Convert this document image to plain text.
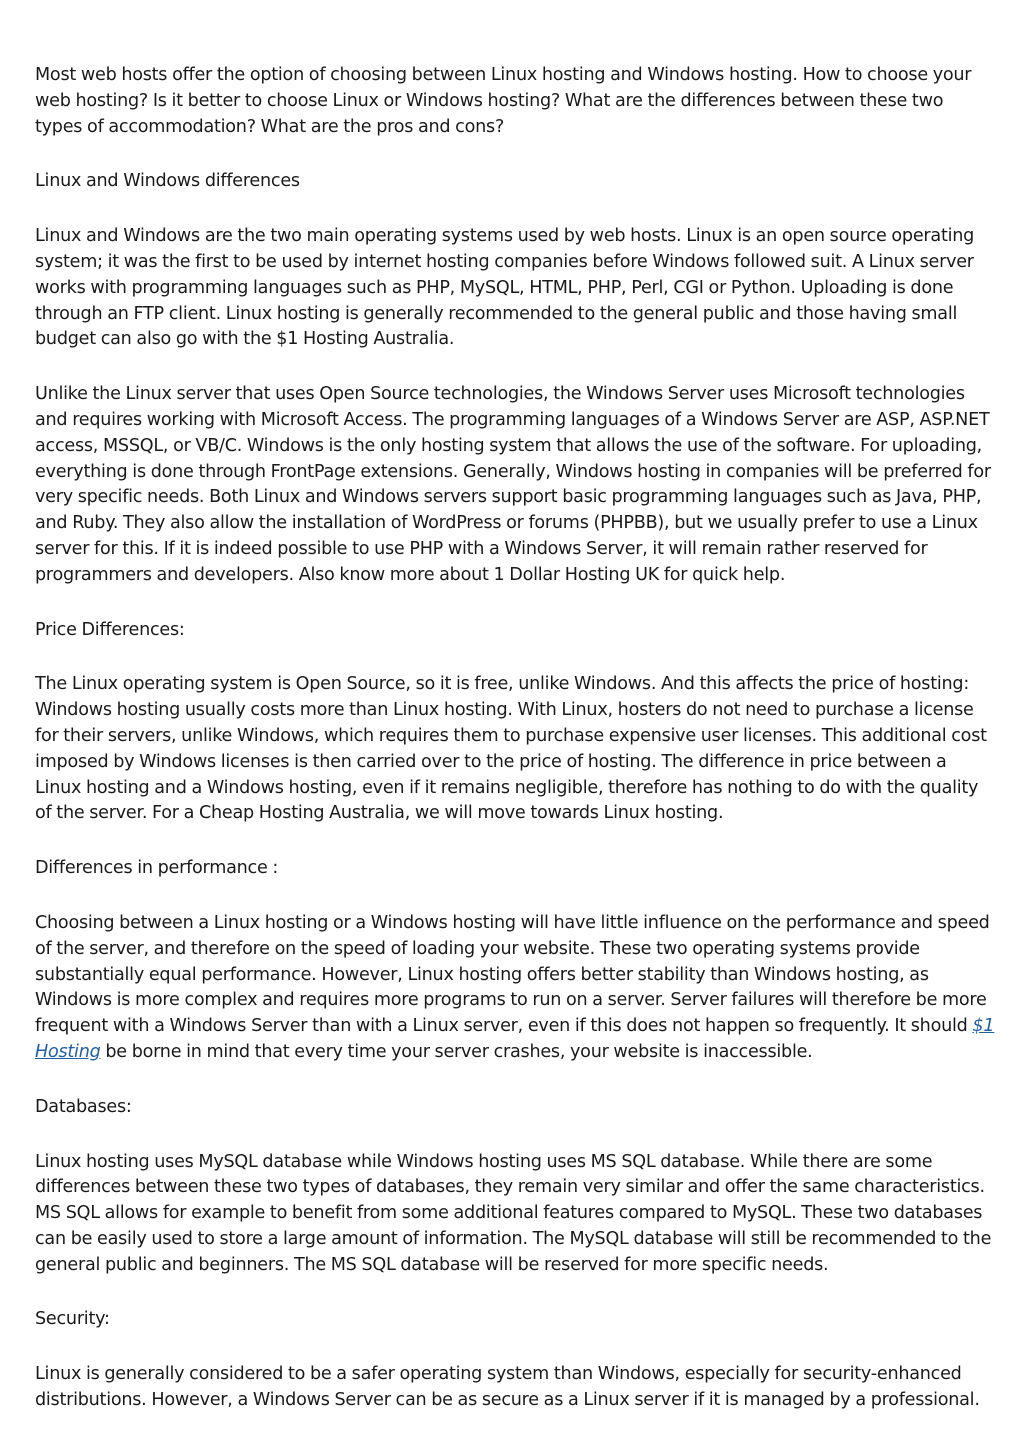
Most web hosts offer the option of choosing between Linux hosting and Windows hosting. How to choose your web hosting? Is it better to choose Linux or Windows hosting? What are the differences between these two types of accommodation? What are the pros and cons?

Linux and Windows differences

Linux and Windows are the two main operating systems used by web hosts. Linux is an open source operating system; it was the first to be used by internet hosting companies before Windows followed suit. A Linux server works with programming languages such as PHP, MySQL, HTML, PHP, Perl, CGI or Python. Uploading is done through an FTP client. Linux hosting is generally recommended to the general public and those having small budget can also go with the $1 Hosting Australia.

Unlike the Linux server that uses Open Source technologies, the Windows Server uses Microsoft technologies and requires working with Microsoft Access. The programming languages of a Windows Server are ASP, ASP.NET access, MSSQL, or VB/C. Windows is the only hosting system that allows the use of the software. For uploading, everything is done through FrontPage extensions. Generally, Windows hosting in companies will be preferred for very specific needs. Both Linux and Windows servers support basic programming languages such as Java, PHP, and Ruby. They also allow the installation of WordPress or forums (PHPBB), but we usually prefer to use a Linux server for this. If it is indeed possible to use PHP with a Windows Server, it will remain rather reserved for programmers and developers. Also know more about 1 Dollar Hosting UK for quick help.

Price Differences:

The Linux operating system is Open Source, so it is free, unlike Windows. And this affects the price of hosting: Windows hosting usually costs more than Linux hosting. With Linux, hosters do not need to purchase a license for their servers, unlike Windows, which requires them to purchase expensive user licenses. This additional cost imposed by Windows licenses is then carried over to the price of hosting. The difference in price between a Linux hosting and a Windows hosting, even if it remains negligible, therefore has nothing to do with the quality of the server. For a Cheap Hosting Australia, we will move towards Linux hosting.

Differences in performance :

Choosing between a Linux hosting or a Windows hosting will have little influence on the performance and speed of the server, and therefore on the speed of loading your website. These two operating systems provide substantially equal performance. However, Linux hosting offers better stability than Windows hosting, as Windows is more complex and requires more programs to run on a server. Server failures will therefore be more frequent with a Windows Server than with a Linux server, even if this does not happen so frequently. It should $1 Hosting be borne in mind that every time your server crashes, your website is inaccessible.

Databases:

Linux hosting uses MySQL database while Windows hosting uses MS SQL database. While there are some differences between these two types of databases, they remain very similar and offer the same characteristics. MS SQL allows for example to benefit from some additional features compared to MySQL. These two databases can be easily used to store a large amount of information. The MySQL database will still be recommended to the general public and beginners. The MS SQL database will be reserved for more specific needs.

Security:

Linux is generally considered to be a safer operating system than Windows, especially for security-enhanced distributions. However, a Windows Server can be as secure as a Linux server if it is managed by a professional.
